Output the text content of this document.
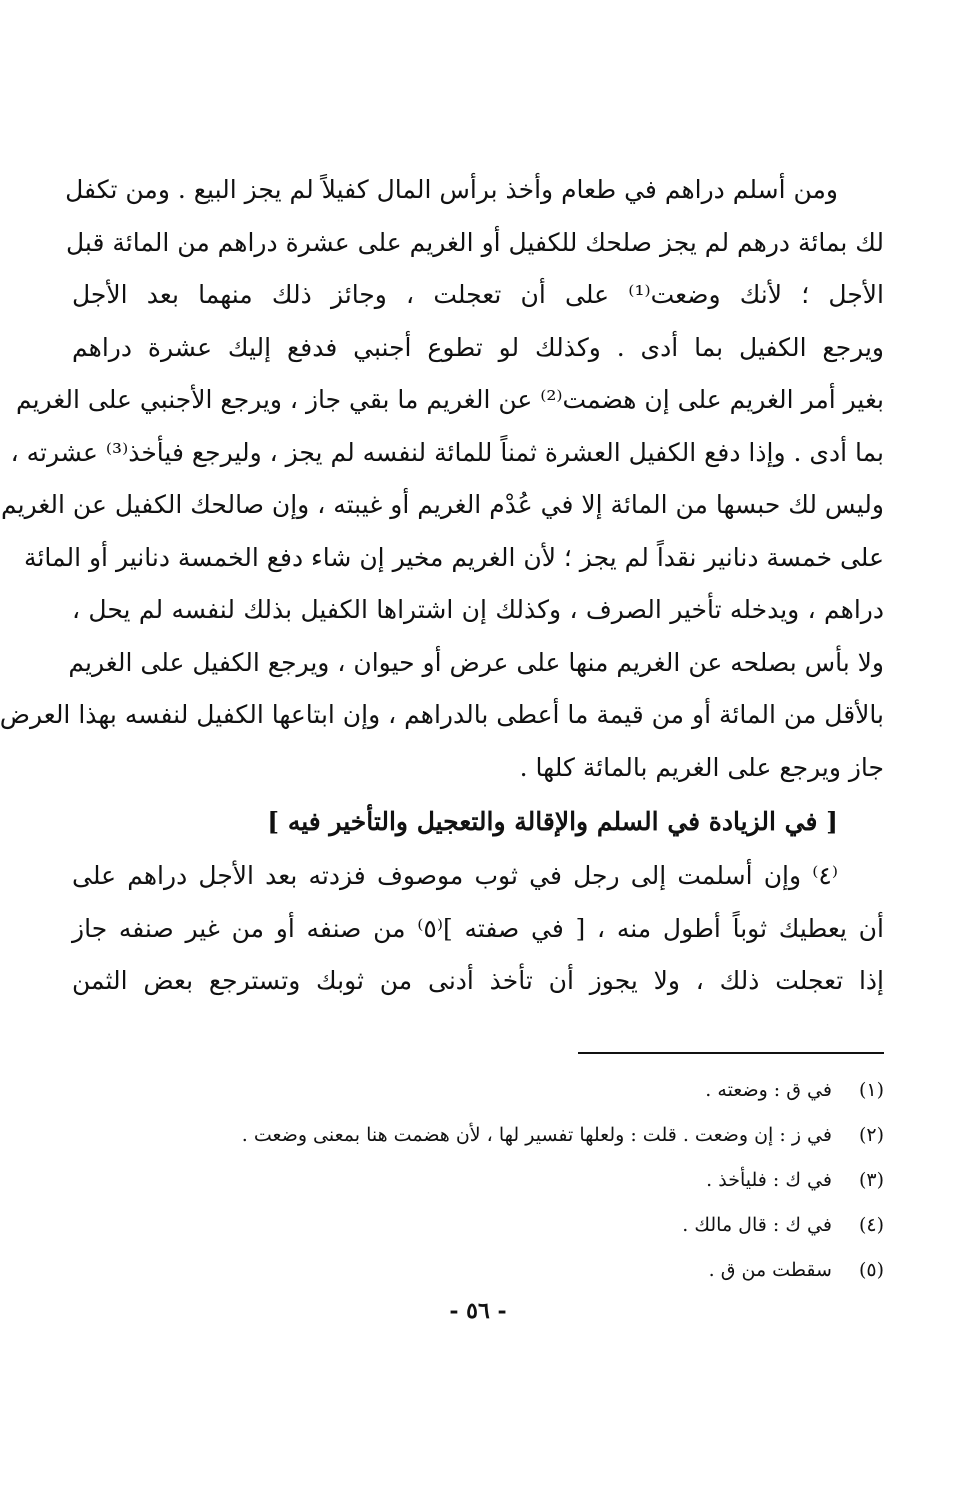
ومن أسلم دراهم في طعام وأخذ برأس المال كفيلاً لم يجز البيع . ومن تكفل
لك بمائة درهم لم يجز صلحك للكفيل أو الغريم على عشرة دراهم من المائة قبل
الأجل ؛ لأنك وضعت⁽¹⁾ على أن تعجلت ، وجائز ذلك منهما بعد الأجل
ويرجع الكفيل بما أدى . وكذلك لو تطوع أجنبي فدفع إليك عشرة دراهم
بغير أمر الغريم على إن هضمت⁽²⁾ عن الغريم ما بقي جاز ، ويرجع الأجنبي على الغريم
بما أدى . وإذا دفع الكفيل العشرة ثمناً للمائة لنفسه لم يجز ، وليرجع فيأخذ⁽³⁾ عشرته ،
وليس لك حبسها من المائة إلا في عُدْم الغريم أو غيبته ، وإن صالحك الكفيل عن الغريم
على خمسة دنانير نقداً لم يجز ؛ لأن الغريم مخير إن شاء دفع الخمسة دنانير أو المائة
دراهم ، ويدخله تأخير الصرف ، وكذلك إن اشتراها الكفيل بذلك لنفسه لم يحل ،
ولا بأس بصلحه عن الغريم منها على عرض أو حيوان ، ويرجع الكفيل على الغريم
بالأقل من المائة أو من قيمة ما أعطى بالدراهم ، وإن ابتاعها الكفيل لنفسه بهذا العرض
جاز ويرجع على الغريم بالمائة كلها .
[ في الزيادة في السلم والإقالة والتعجيل والتأخير فيه ]
⁽٤⁾ وإن أسلمت إلى رجل في ثوب موصوف فزدته بعد الأجل دراهم على
أن يعطيك ثوباً أطول منه ، [ في صفته ]⁽٥⁾ من صنفه أو من غير صنفه جاز
إذا تعجلت ذلك ، ولا يجوز أن تأخذ أدنى من ثوبك وتسترجع بعض الثمن
(١) في ق : وضعته .
(٢) في ز : إن وضعت . قلت : ولعلها تفسير لها ، لأن هضمت هنا بمعنى وضعت .
(٣) في ك : فليأخذ .
(٤) في ك : قال مالك .
(٥) سقطت من ق .
- ٥٦ -
